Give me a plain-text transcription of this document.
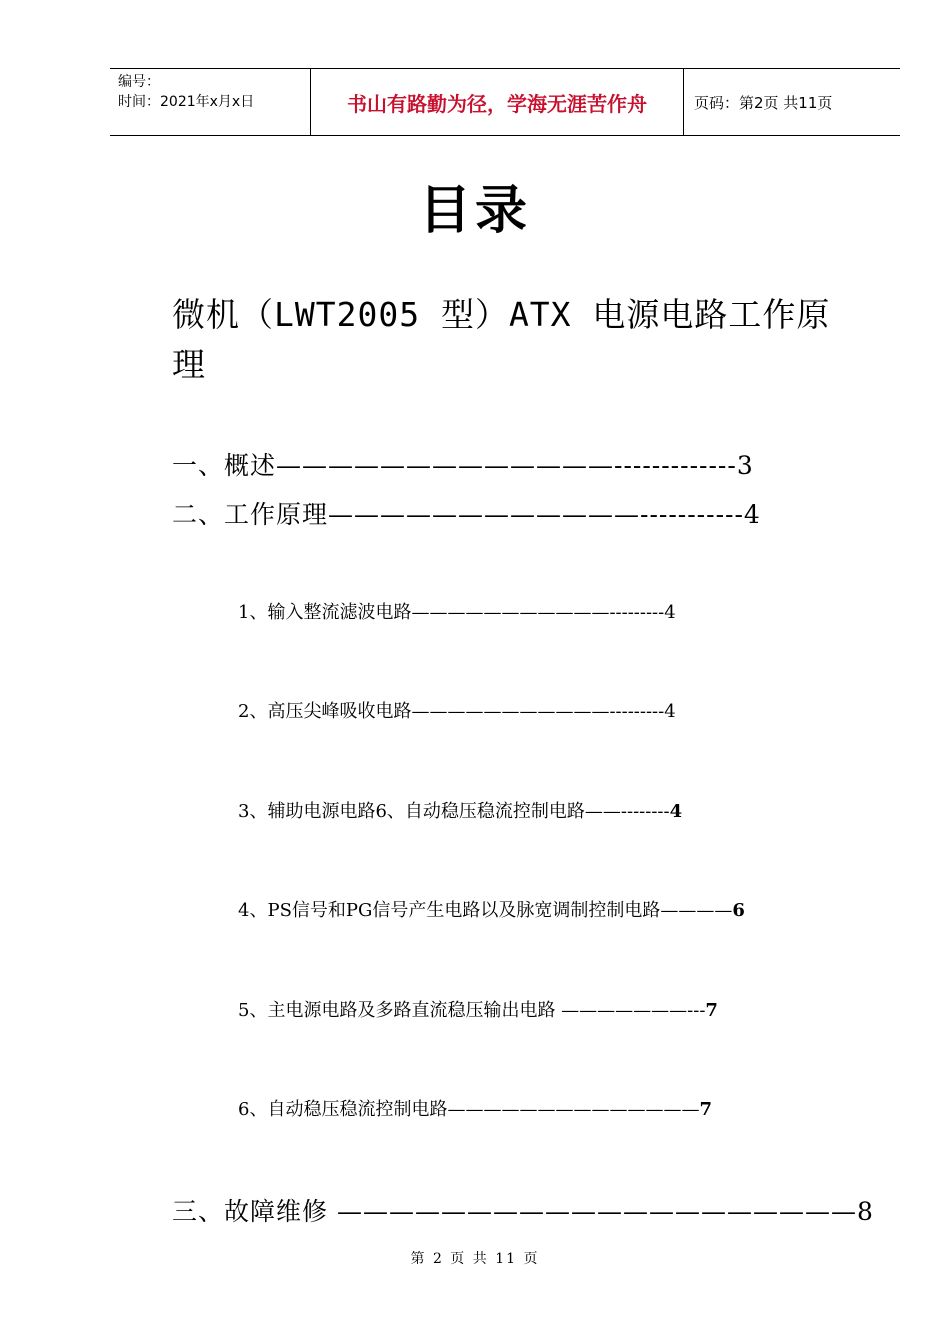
编号：
时间：2021年x月x日	书山有路勤为径，学海无涯苦作舟	页码：第2页 共11页
目录
微机（LWT2005 型）ATX 电源电路工作原
理
一、概述—————————————-------------3
二、工作原理————————————-----------4
1、输入整流滤波电路———————————---------4
2、高压尖峰吸收电路———————————---------4
3、辅助电源电路6、自动稳压稳流控制电路——--------4
4、PS信号和PG信号产生电路以及脉宽调制控制电路————6
5、主电源电路及多路直流稳压输出电路 ———————---7
6、自动稳压稳流控制电路——————————————7
三、故障维修 ————————————————————8
第 2 页 共 11 页
